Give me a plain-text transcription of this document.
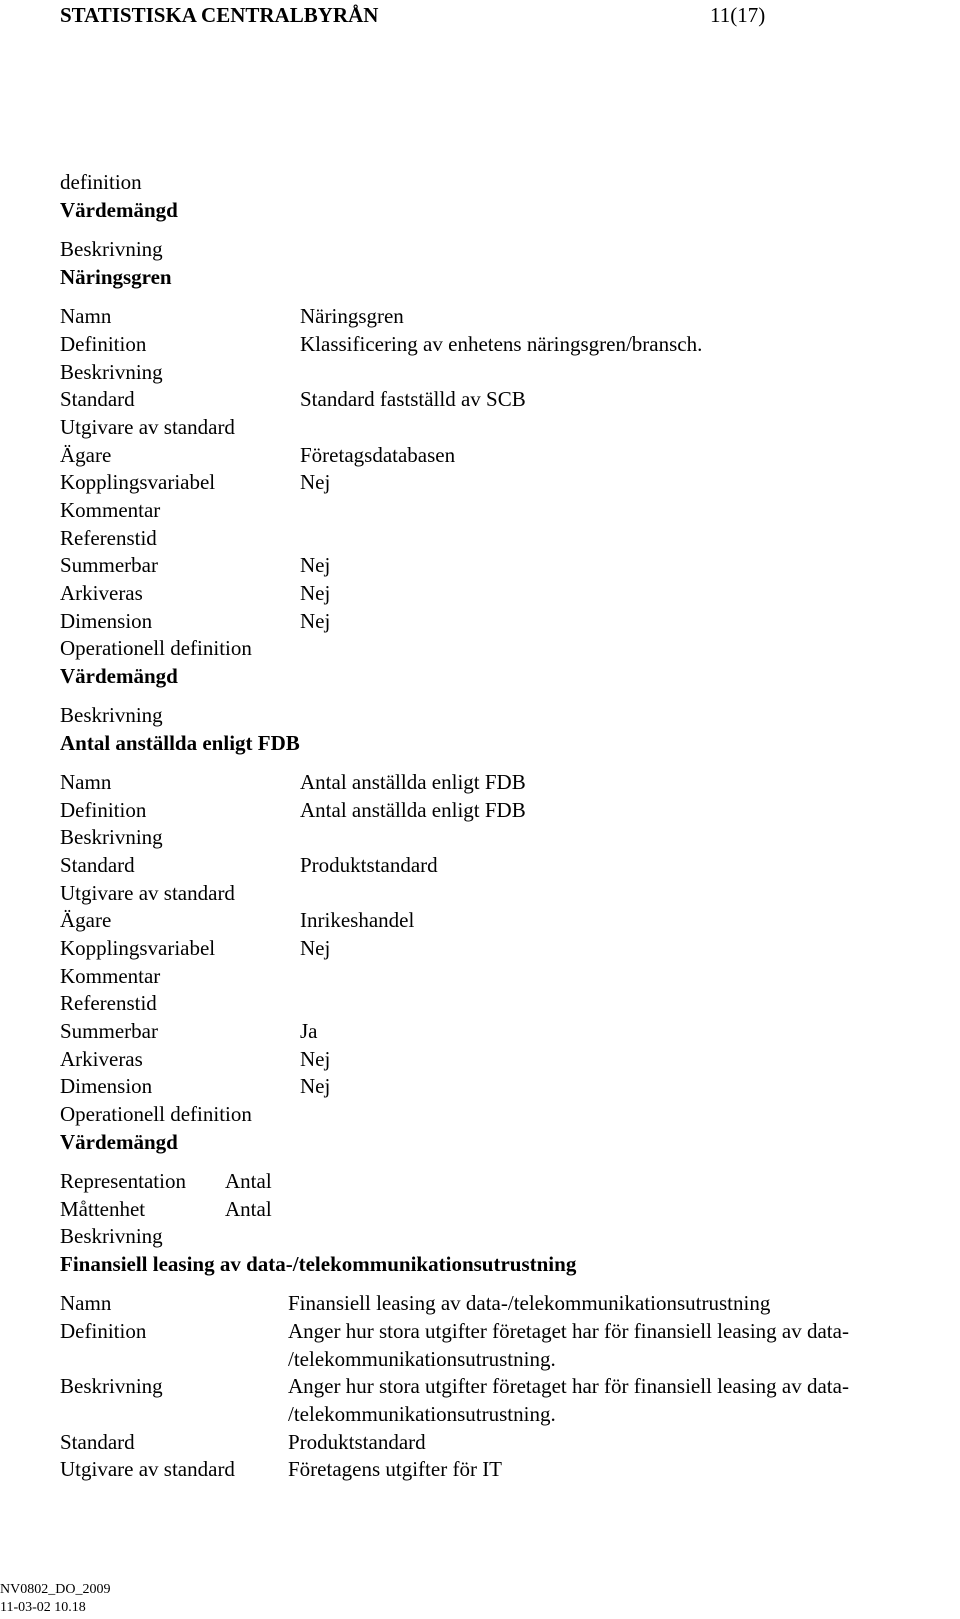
STATISTISKA CENTRALBYRÅN	11(17)
definition
Värdemängd
Beskrivning
Näringsgren
Namn	Näringsgren
Definition	Klassificering av enhetens näringsgren/bransch.
Beskrivning
Standard	Standard fastställd av SCB
Utgivare av standard
Ägare	Företagsdatabasen
Kopplingsvariabel	Nej
Kommentar
Referenstid
Summerbar	Nej
Arkiveras	Nej
Dimension	Nej
Operationell definition
Värdemängd
Beskrivning
Antal anställda enligt FDB
Namn	Antal anställda enligt FDB
Definition	Antal anställda enligt FDB
Beskrivning
Standard	Produktstandard
Utgivare av standard
Ägare	Inrikeshandel
Kopplingsvariabel	Nej
Kommentar
Referenstid
Summerbar	Ja
Arkiveras	Nej
Dimension	Nej
Operationell definition
Värdemängd
Representation Antal
Måttenhet	Antal
Beskrivning
Finansiell leasing av data-/telekommunikationsutrustning
Namn	Finansiell leasing av data-/telekommunikationsutrustning
Definition	Anger hur stora utgifter företaget har för finansiell leasing av data-
/telekommunikationsutrustning.
Beskrivning	Anger hur stora utgifter företaget har för finansiell leasing av data-
/telekommunikationsutrustning.
Standard	Produktstandard
Utgivare av standard	Företagens utgifter för IT
NV0802_DO_2009
11-03-02 10.18
